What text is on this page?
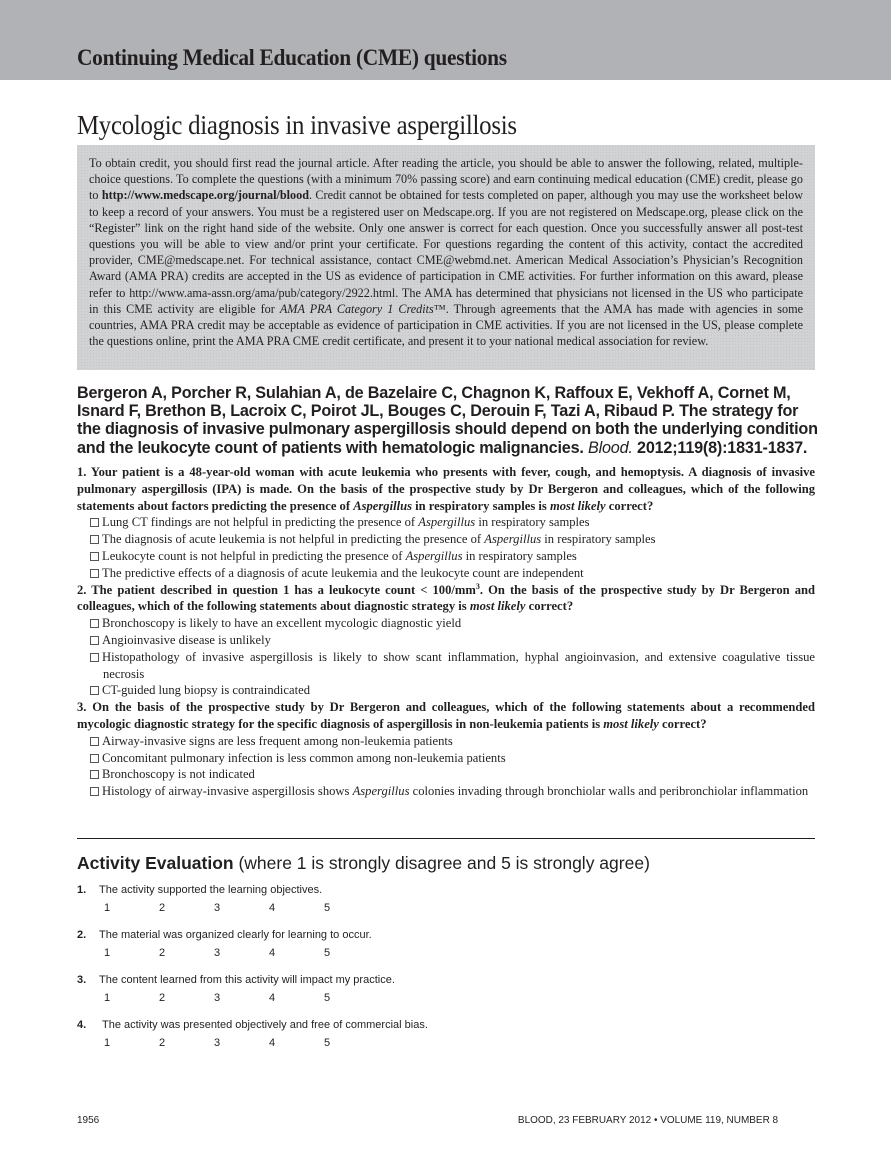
Continuing Medical Education (CME) questions
Mycologic diagnosis in invasive aspergillosis
To obtain credit, you should first read the journal article. After reading the article, you should be able to answer the following, related, multiple-choice questions. To complete the questions (with a minimum 70% passing score) and earn continuing medical education (CME) credit, please go to http://www.medscape.org/journal/blood. Credit cannot be obtained for tests completed on paper, although you may use the worksheet below to keep a record of your answers. You must be a registered user on Medscape.org. If you are not registered on Medscape.org, please click on the “Register” link on the right hand side of the website. Only one answer is correct for each question. Once you successfully answer all post-test questions you will be able to view and/or print your certificate. For questions regarding the content of this activity, contact the accredited provider, CME@medscape.net. For technical assistance, contact CME@webmd.net. American Medical Association’s Physician’s Recognition Award (AMA PRA) credits are accepted in the US as evidence of participation in CME activities. For further information on this award, please refer to http://www.ama-assn.org/ama/pub/category/2922.html. The AMA has determined that physicians not licensed in the US who participate in this CME activity are eligible for AMA PRA Category 1 Credits™. Through agreements that the AMA has made with agencies in some countries, AMA PRA credit may be acceptable as evidence of participation in CME activities. If you are not licensed in the US, please complete the questions online, print the AMA PRA CME credit certificate, and present it to your national medical association for review.
Bergeron A, Porcher R, Sulahian A, de Bazelaire C, Chagnon K, Raffoux E, Vekhoff A, Cornet M, Isnard F, Brethon B, Lacroix C, Poirot JL, Bouges C, Derouin F, Tazi A, Ribaud P. The strategy for the diagnosis of invasive pulmonary aspergillosis should depend on both the underlying condition and the leukocyte count of patients with hematologic malignancies. Blood. 2012;119(8):1831-1837.

1. Your patient is a 48-year-old woman with acute leukemia who presents with fever, cough, and hemoptysis. A diagnosis of invasive pulmonary aspergillosis (IPA) is made. On the basis of the prospective study by Dr Bergeron and colleagues, which of the following statements about factors predicting the presence of Aspergillus in respiratory samples is most likely correct?

Lung CT findings are not helpful in predicting the presence of Aspergillus in respiratory samples
The diagnosis of acute leukemia is not helpful in predicting the presence of Aspergillus in respiratory samples
Leukocyte count is not helpful in predicting the presence of Aspergillus in respiratory samples
The predictive effects of a diagnosis of acute leukemia and the leukocyte count are independent

2. The patient described in question 1 has a leukocyte count < $100/mm^3$. On the basis of the prospective study by Dr Bergeron and colleagues, which of the following statements about diagnostic strategy is most likely correct?

Bronchoscopy is likely to have an excellent mycologic diagnostic yield
Angioinvasive disease is unlikely
Histopathology of invasive aspergillosis is likely to show scant inflammation, hyphal angioinvasion, and extensive coagulative tissue necrosis
CT-guided lung biopsy is contraindicated

3. On the basis of the prospective study by Dr Bergeron and colleagues, which of the following statements about a recommended mycologic diagnostic strategy for the specific diagnosis of aspergillosis in non-leukemia patients is most likely correct?

Airway-invasive signs are less frequent among non-leukemia patients
Concomitant pulmonary infection is less common among non-leukemia patients
Bronchoscopy is not indicated
Histology of airway-invasive aspergillosis shows Aspergillus colonies invading through bronchiolar walls and peribronchiolar inflammation
Activity Evaluation (where 1 is strongly disagree and 5 is strongly agree)
1. The activity supported the learning objectives.
1	2	3	4	5
2. The material was organized clearly for learning to occur.
1	2	3	4	5
3. The content learned from this activity will impact my practice.
1	2	3	4	5
4. The activity was presented objectively and free of commercial bias.
1	2	3	4	5
1956	BLOOD, 23 FEBRUARY 2012 • VOLUME 119, NUMBER 8
